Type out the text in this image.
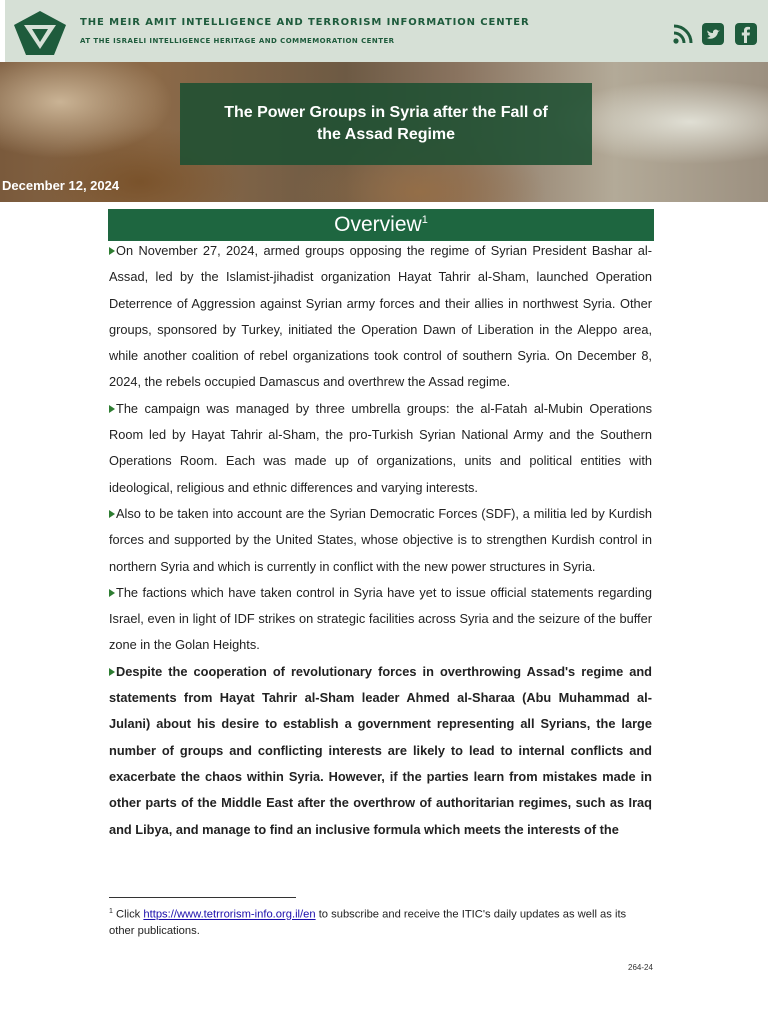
THE MEIR AMIT INTELLIGENCE AND TERRORISM INFORMATION CENTER
AT THE ISRAELI INTELLIGENCE HERITAGE AND COMMEMORATION CENTER
The Power Groups in Syria after the Fall of the Assad Regime
December 12, 2024
Overview$^1$

On November 27, 2024, armed groups opposing the regime of Syrian President Bashar al-Assad, led by the Islamist-jihadist organization Hayat Tahrir al-Sham, launched Operation Deterrence of Aggression against Syrian army forces and their allies in northwest Syria. Other groups, sponsored by Turkey, initiated the Operation Dawn of Liberation in the Aleppo area, while another coalition of rebel organizations took control of southern Syria. On December 8, 2024, the rebels occupied Damascus and overthrew the Assad regime.

The campaign was managed by three umbrella groups: the al-Fatah al-Mubin Operations Room led by Hayat Tahrir al-Sham, the pro-Turkish Syrian National Army and the Southern Operations Room. Each was made up of organizations, units and political entities with ideological, religious and ethnic differences and varying interests.

Also to be taken into account are the Syrian Democratic Forces (SDF), a militia led by Kurdish forces and supported by the United States, whose objective is to strengthen Kurdish control in northern Syria and which is currently in conflict with the new power structures in Syria.

The factions which have taken control in Syria have yet to issue official statements regarding Israel, even in light of IDF strikes on strategic facilities across Syria and the seizure of the buffer zone in the Golan Heights.

Despite the cooperation of revolutionary forces in overthrowing Assad's regime and statements from Hayat Tahrir al-Sham leader Ahmed al-Sharaa (Abu Muhammad al-Julani) about his desire to establish a government representing all Syrians, the large number of groups and conflicting interests are likely to lead to internal conflicts and exacerbate the chaos within Syria. However, if the parties learn from mistakes made in other parts of the Middle East after the overthrow of authoritarian regimes, such as Iraq and Libya, and manage to find an inclusive formula which meets the interests of the

$^1$ Click https://www.tetrrorism-info.org.il/en to subscribe and receive the ITIC's daily updates as well as its other publications.
264-24
